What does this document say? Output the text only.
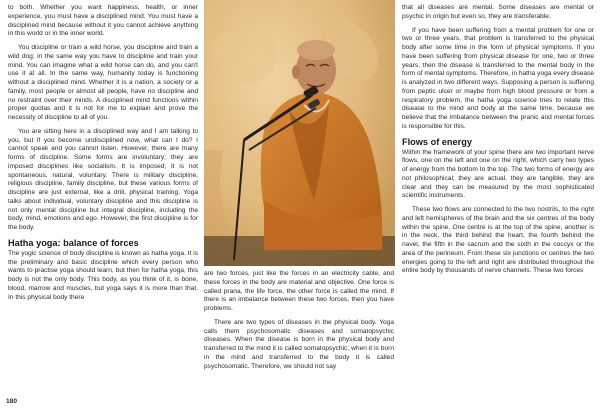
to both. Whether you want happiness, health, or inner experience, you must have a disciplined mind. You must have a disciplined mind because without it you cannot achieve anything in this world or in the inner world.

You discipline or train a wild horse, you discipline and train a wild dog; in the same way you have to discipline and train your mind. You can imagine what a wild horse can do, and you can't use it at all. In the same way, humanity today is functioning without a disciplined mind. Whether it is a nation, a society or a family, most people or almost all people, have no discipline and no restraint over their minds. A disciplined mind functions within proper quotas and it is not for me to explain and prove the necessity of discipline to all of you.

You are sitting here in a disciplined way and I am talking to you, but if you become undisciplined now, what can I do? I cannot speak and you cannot listen. However, there are many forms of discipline. Some forms are involuntary; they are imposed disciplines like socialism. It is imposed; it is not spontaneous, natural, voluntary. There is military discipline, religious discipline, family discipline, but these various forms of discipline are just external, like a drill, physical training. Yoga talks about individual, voluntary discipline and this discipline is not only mental discipline but integral discipline, including the body, mind, emotions and ego. However, the first discipline is for the body.

Hatha yoga: balance of forces

The yogic science of body discipline is known as hatha yoga. It is the preliminary and basic discipline which every person who wants to practise yoga should learn, but then for hatha yoga, this body is not the only body. This body, as you think of it, is bone, blood, marrow and muscles, but yoga says it is more than that. In this physical body there

are two forces, just like the forces in an electricity cable, and these forces in the body are material and objective. One force is called prana, the life force, the other force is called the mind. If there is an imbalance between these two forces, then you have problems.

There are two types of diseases in the physical body. Yoga calls them psychosomatic diseases and somatopsychic diseases. When the disease is born in the physical body and transferred to the mind it is called somatopsychic; when it is born in the mind and transferred to the body it is called psychosomatic. Therefore, we should not say

that all diseases are mental. Some diseases are mental or psychic in origin but even so, they are transferable.

If you have been suffering from a mental problem for one or two or three years, that problem is transferred to the physical body after some time in the form of physical symptoms. If you have been suffering from physical disease for one, two or three years, then the disease is transferred to the mental body in the form of mental symptoms. Therefore, in hatha yoga every disease is analyzed in two different ways. Supposing a person is suffering from peptic ulcer or maybe from high blood pressure or from a respiratory problem, the hatha yoga science tries to relate this disease to the mind and body at the same time, because we believe that the imbalance between the pranic and mental forces is responsible for this.

Flows of energy

Within the framework of your spine there are two important nerve flows, one on the left and one on the right, which carry two types of energy from the bottom to the top. The two forms of energy are not philosophical; they are actual, they are tangible, they are clear and they can be measured by the most sophisticated scientific instruments.

These two flows are connected to the two nostrils, to the right and left hemispheres of the brain and the six centres of the body within the spine. One centre is at the top of the spine, another is in the neck, the third behind the heart, the fourth behind the navel, the fifth in the sacrum and the sixth in the coccyx or the area of the perineum. From these six junctions or centres the two energies going to the left and right are distributed throughout the entire body by thousands of nerve channels. These two forces

180
